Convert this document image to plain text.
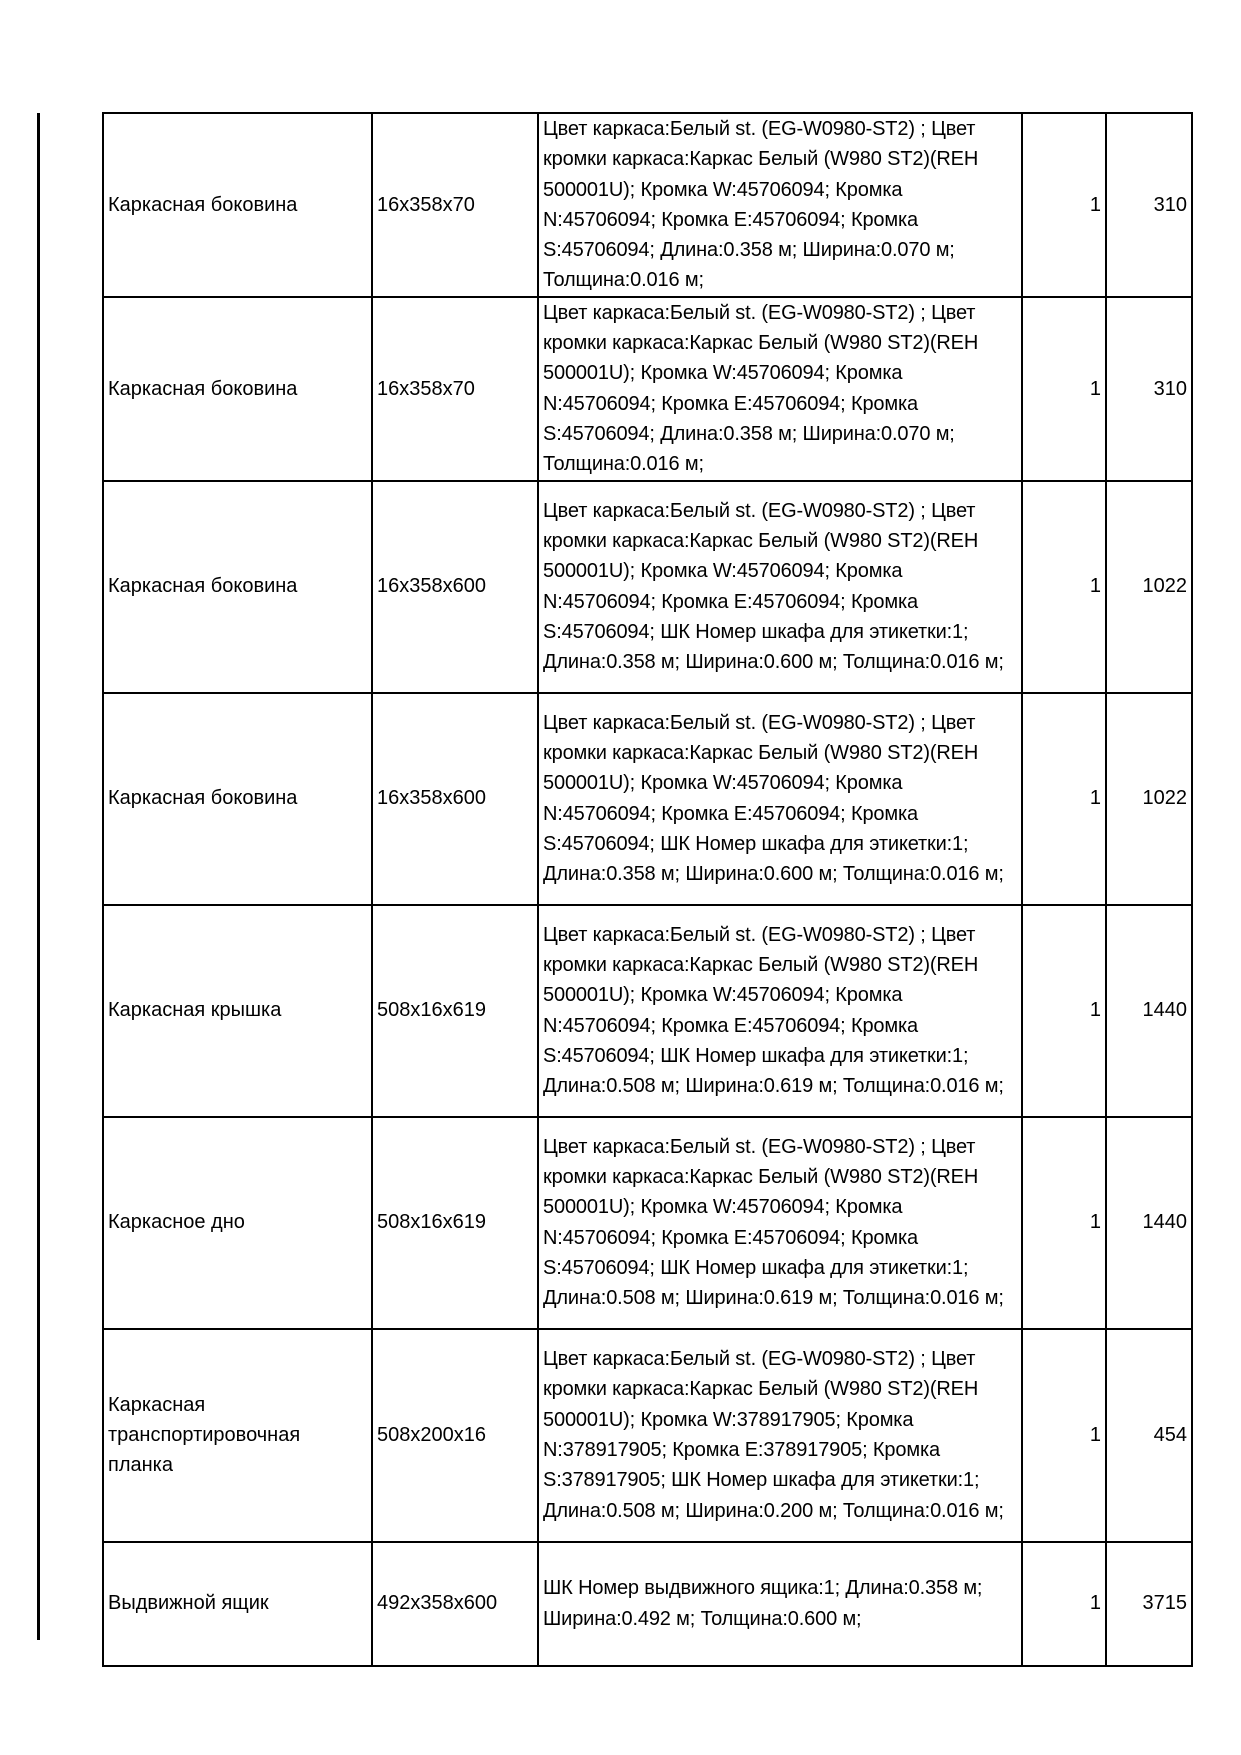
Каркасная боковина	16x358x70	Цвет каркаса:Белый st. (EG-W0980-ST2) ; Цвет кромки каркаса:Каркас Белый (W980 ST2)(REH 500001U); Кромка W:45706094; Кромка N:45706094; Кромка E:45706094; Кромка S:45706094; Длина:0.358 м; Ширина:0.070 м; Толщина:0.016 м;	1	310
Каркасная боковина	16x358x70	Цвет каркаса:Белый st. (EG-W0980-ST2) ; Цвет кромки каркаса:Каркас Белый (W980 ST2)(REH 500001U); Кромка W:45706094; Кромка N:45706094; Кромка E:45706094; Кромка S:45706094; Длина:0.358 м; Ширина:0.070 м; Толщина:0.016 м;	1	310
Каркасная боковина	16x358x600	Цвет каркаса:Белый st. (EG-W0980-ST2) ; Цвет кромки каркаса:Каркас Белый (W980 ST2)(REH 500001U); Кромка W:45706094; Кромка N:45706094; Кромка E:45706094; Кромка S:45706094; ШК Номер шкафа для этикетки:1; Длина:0.358 м; Ширина:0.600 м; Толщина:0.016 м;	1	1022
Каркасная боковина	16x358x600	Цвет каркаса:Белый st. (EG-W0980-ST2) ; Цвет кромки каркаса:Каркас Белый (W980 ST2)(REH 500001U); Кромка W:45706094; Кромка N:45706094; Кромка E:45706094; Кромка S:45706094; ШК Номер шкафа для этикетки:1; Длина:0.358 м; Ширина:0.600 м; Толщина:0.016 м;	1	1022
Каркасная крышка	508x16x619	Цвет каркаса:Белый st. (EG-W0980-ST2) ; Цвет кромки каркаса:Каркас Белый (W980 ST2)(REH 500001U); Кромка W:45706094; Кромка N:45706094; Кромка E:45706094; Кромка S:45706094; ШК Номер шкафа для этикетки:1; Длина:0.508 м; Ширина:0.619 м; Толщина:0.016 м;	1	1440
Каркасное дно	508x16x619	Цвет каркаса:Белый st. (EG-W0980-ST2) ; Цвет кромки каркаса:Каркас Белый (W980 ST2)(REH 500001U); Кромка W:45706094; Кромка N:45706094; Кромка E:45706094; Кромка S:45706094; ШК Номер шкафа для этикетки:1; Длина:0.508 м; Ширина:0.619 м; Толщина:0.016 м;	1	1440
Каркасная транспортировочная планка	508x200x16	Цвет каркаса:Белый st. (EG-W0980-ST2) ; Цвет кромки каркаса:Каркас Белый (W980 ST2)(REH 500001U); Кромка W:378917905; Кромка N:378917905; Кромка E:378917905; Кромка S:378917905; ШК Номер шкафа для этикетки:1; Длина:0.508 м; Ширина:0.200 м; Толщина:0.016 м;	1	454
Выдвижной ящик	492x358x600	ШК Номер выдвижного ящика:1; Длина:0.358 м; Ширина:0.492 м; Толщина:0.600 м;	1	3715
